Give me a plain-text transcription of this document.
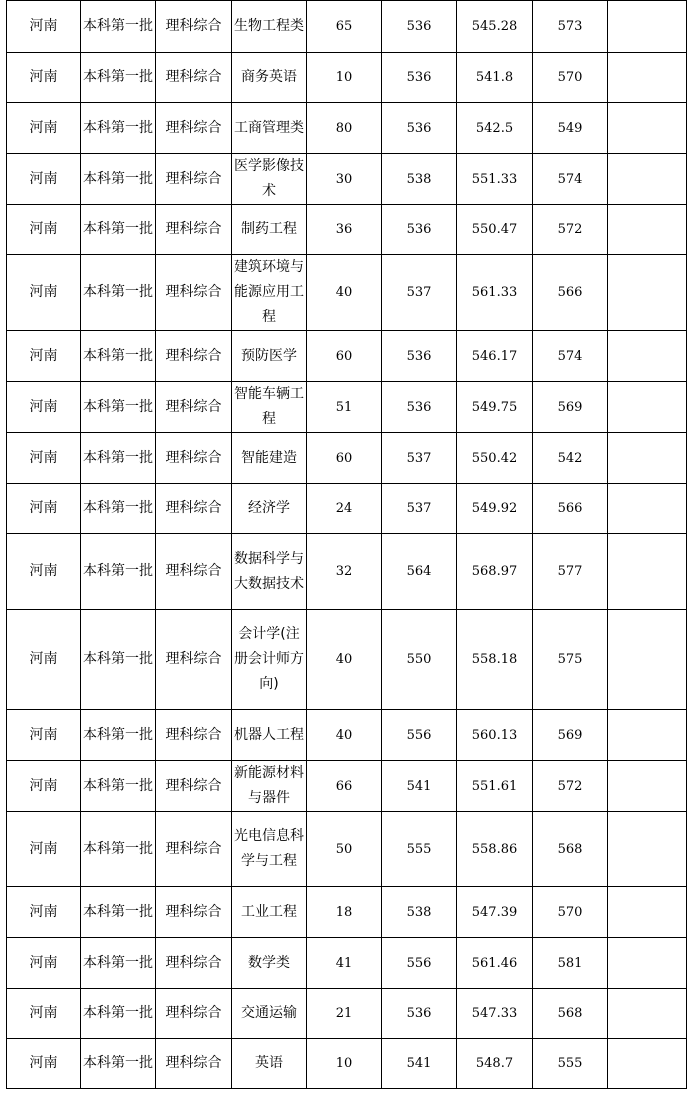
河南	本科第一批	理科综合	生物工程类	65	536	545.28	573	
河南	本科第一批	理科综合	商务英语	10	536	541.8	570	
河南	本科第一批	理科综合	工商管理类	80	536	542.5	549	
河南	本科第一批	理科综合	医学影像技术	30	538	551.33	574	
河南	本科第一批	理科综合	制药工程	36	536	550.47	572	
河南	本科第一批	理科综合	建筑环境与能源应用工程	40	537	561.33	566	
河南	本科第一批	理科综合	预防医学	60	536	546.17	574	
河南	本科第一批	理科综合	智能车辆工程	51	536	549.75	569	
河南	本科第一批	理科综合	智能建造	60	537	550.42	542	
河南	本科第一批	理科综合	经济学	24	537	549.92	566	
河南	本科第一批	理科综合	数据科学与大数据技术	32	564	568.97	577	
河南	本科第一批	理科综合	会计学(注册会计师方向)	40	550	558.18	575	
河南	本科第一批	理科综合	机器人工程	40	556	560.13	569	
河南	本科第一批	理科综合	新能源材料与器件	66	541	551.61	572	
河南	本科第一批	理科综合	光电信息科学与工程	50	555	558.86	568	
河南	本科第一批	理科综合	工业工程	18	538	547.39	570	
河南	本科第一批	理科综合	数学类	41	556	561.46	581	
河南	本科第一批	理科综合	交通运输	21	536	547.33	568	
河南	本科第一批	理科综合	英语	10	541	548.7	555	
